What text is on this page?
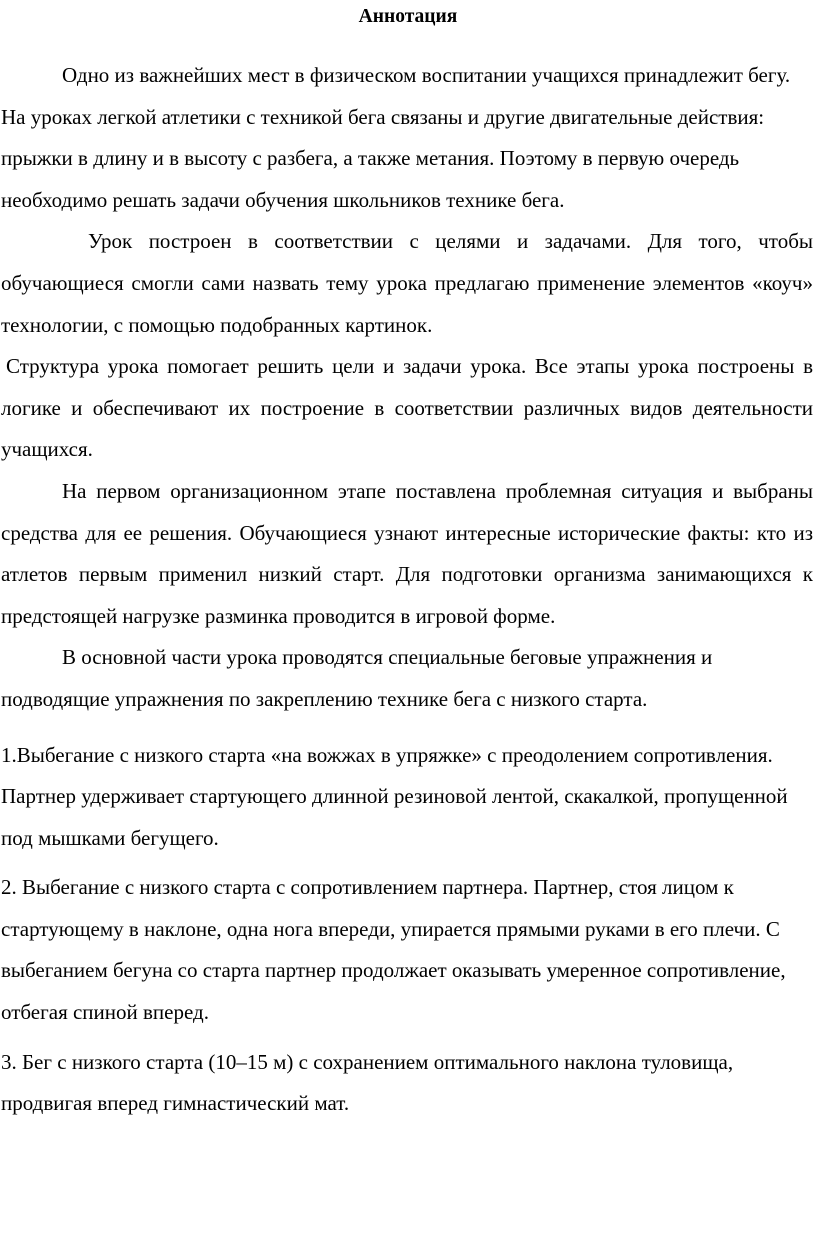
Аннотация

Одно из важнейших мест в физическом воспитании учащихся принадлежит бегу. На уроках легкой атлетики с техникой бега связаны и другие двигательные действия: прыжки в длину и в высоту с разбега, а также метания. Поэтому в первую очередь необходимо решать задачи обучения школьников технике бега.

Урок построен в соответствии с целями и задачами. Для того, чтобы обучающиеся смогли сами назвать тему урока предлагаю применение элементов «коуч» технологии, с помощью подобранных картинок.

Структура урока помогает решить цели и задачи урока. Все этапы урока построены в логике и обеспечивают их построение в соответствии различных видов деятельности учащихся.

На первом организационном этапе поставлена проблемная ситуация и выбраны средства для ее решения. Обучающиеся узнают интересные исторические факты: кто из атлетов первым применил низкий старт. Для подготовки организма занимающихся к предстоящей нагрузке разминка проводится в игровой форме.

В основной части урока проводятся специальные беговые упражнения и подводящие упражнения по закреплению технике бега с низкого старта.

1.Выбегание с низкого старта «на вожжах в упряжке» с преодолением сопротивления. Партнер удерживает стартующего длинной резиновой лентой, скакалкой, пропущенной под мышками бегущего.

2. Выбегание с низкого старта с сопротивлением партнера. Партнер, стоя лицом к стартующему в наклоне, одна нога впереди, упирается прямыми руками в его плечи. С выбеганием бегуна со старта партнер продолжает оказывать умеренное сопротивление, отбегая спиной вперед.

3. Бег с низкого старта (10–15 м) с сохранением оптимального наклона туловища, продвигая вперед гимнастический мат.
